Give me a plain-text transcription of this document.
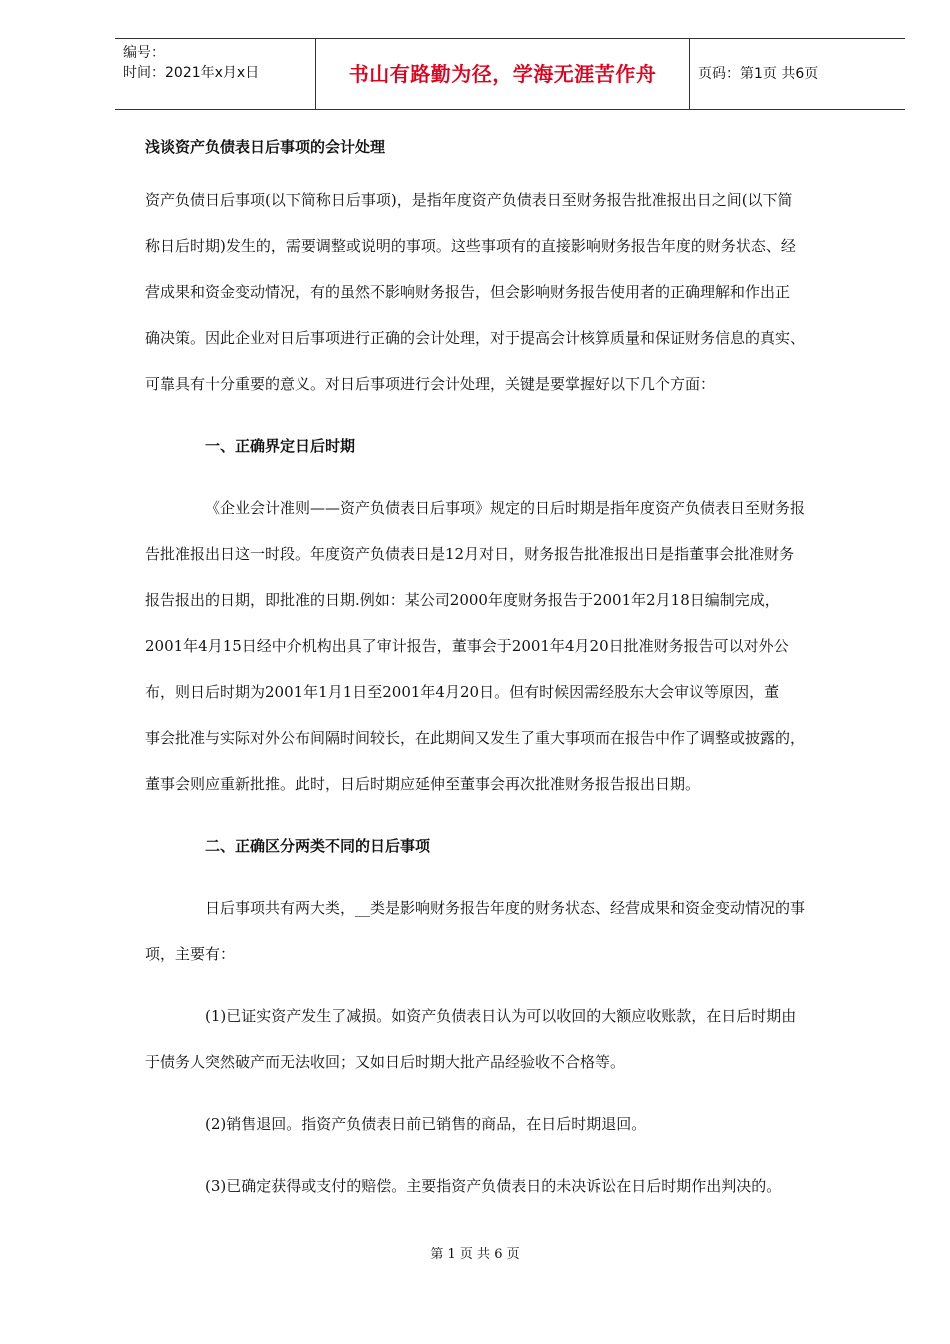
编号：
时间：2021年x月x日	书山有路勤为径，学海无涯苦作舟	页码：第1页 共6页
浅谈资产负债表日后事项的会计处理
资产负债日后事项(以下简称日后事项)，是指年度资产负债表日至财务报告批准报出日之间(以下简
称日后时期)发生的，需要调整或说明的事项。这些事项有的直接影响财务报告年度的财务状态、经
营成果和资金变动情况，有的虽然不影响财务报告，但会影响财务报告使用者的正确理解和作出正
确决策。因此企业对日后事项进行正确的会计处理，对于提高会计核算质量和保证财务信息的真实、
可靠具有十分重要的意义。对日后事项进行会计处理，关键是要掌握好以下几个方面：
一、正确界定日后时期
《企业会计准则——资产负债表日后事项》规定的日后时期是指年度资产负债表日至财务报
告批准报出日这一时段。年度资产负债表日是12月对日，财务报告批准报出日是指董事会批准财务
报告报出的日期，即批准的日期.例如：某公司2000年度财务报告于2001年2月18日编制完成，
2001年4月15日经中介机构出具了审计报告，董事会于2001年4月20日批准财务报告可以对外公
布，则日后时期为2001年1月1日至2001年4月20日。但有时候因需经股东大会审议等原因，董
事会批准与实际对外公布间隔时间较长，在此期间又发生了重大事项而在报告中作了调整或披露的，
董事会则应重新批推。此时，日后时期应延伸至董事会再次批准财务报告报出日期。
二、正确区分两类不同的日后事项
日后事项共有两大类，__类是影响财务报告年度的财务状态、经营成果和资金变动情况的事
项，主要有：
(1)已证实资产发生了减损。如资产负债表日认为可以收回的大额应收账款，在日后时期由
于债务人突然破产而无法收回；又如日后时期大批产品经验收不合格等。
(2)销售退回。指资产负债表日前已销售的商品，在日后时期退回。
(3)已确定获得或支付的赔偿。主要指资产负债表日的未决诉讼在日后时期作出判决的。
第 1 页 共 6 页
